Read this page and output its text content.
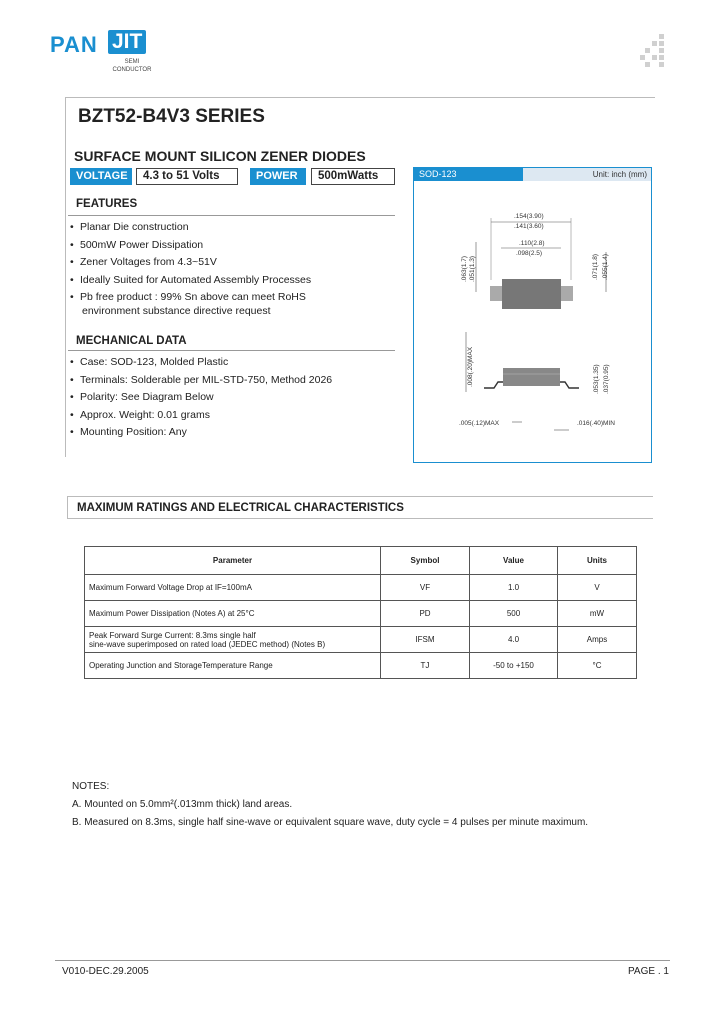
PAN JIT
SEMI
CONDUCTOR
BZT52-B4V3 SERIES
SURFACE MOUNT SILICON ZENER DIODES
VOLTAGE	4.3 to 51 Volts	POWER	500mWatts
FEATURES
• Planar Die construction
• 500mW Power Dissipation
• Zener Voltages from 4.3~51V
• Ideally Suited for Automated Assembly Processes
• Pb free product : 99% Sn above can meet RoHS
environment substance directive request
MECHANICAL DATA
• Case: SOD-123, Molded Plastic
• Terminals: Solderable per MIL-STD-750, Method 2026
• Polarity: See Diagram Below
• Approx. Weight: 0.01 grams
• Mounting Position: Any
SOD-123	Unit: inch (mm)
.154(3.90)
.141(3.60)
.110(2.8)
.098(2.5)
.063(1.7) .051(1.3)	.071(1.8) .055(1.4)
.008(.20)MAX	.053(1.35) .037(0.95)
.005(.12)MAX	.016(.40)MIN
MAXIMUM RATINGS AND ELECTRICAL CHARACTERISTICS
Parameter	Symbol	Value	Units
Maximum Forward Voltage Drop at IF=100mA	VF	1.0	V
Maximum Power Dissipation (Notes A) at 25°C	PD	500	mW

Peak Forward Surge Current: 8.3ms single half
sine-wave superimposed on rated load (JEDEC method) (Notes B)	IFSM	4.0	Amps
Operating Junction and StorageTemperature Range	TJ	-50 to +150	°C
NOTES:
A. Mounted on 5.0mm²(.013mm thick) land areas.
B. Measured on 8.3ms, single half sine-wave or equivalent square wave, duty cycle = 4 pulses per minute maximum.
V010-DEC.29.2005	PAGE . 1
